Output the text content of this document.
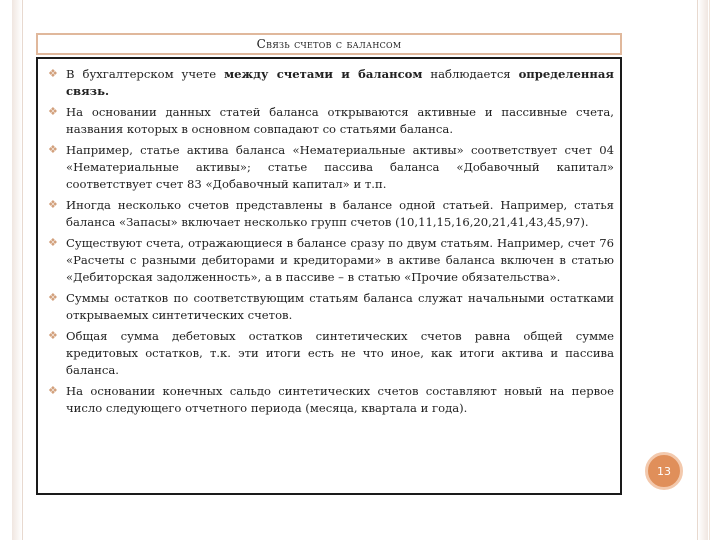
Связь счетов с балансом
❖ В бухгалтерском учете между счетами и балансом наблюдается определенная связь.
❖ На основании данных статей баланса открываются активные и пассивные счета, названия которых в основном совпадают со статьями баланса.
❖ Например, статье актива баланса «Нематериальные активы» соответствует счет 04 «Нематериальные активы»; статье пассива баланса «Добавочный капитал» соответствует счет 83 «Добавочный капитал» и т.п.
❖ Иногда несколько счетов представлены в балансе одной статьей. Например, статья баланса «Запасы» включает несколько групп счетов (10,11,15,16,20,21,41,43,45,97).
❖ Существуют счета, отражающиеся в балансе сразу по двум статьям. Например, счет 76 «Расчеты с разными дебиторами и кредиторами» в активе баланса включен в статью «Дебиторская задолженность», а в пассиве – в статью «Прочие обязательства».
❖ Суммы остатков по соответствующим статьям баланса служат начальными остатками открываемых синтетических счетов.
❖ Общая сумма дебетовых остатков синтетических счетов равна общей сумме кредитовых остатков, т.к. эти итоги есть не что иное, как итоги актива и пассива баланса.
❖ На основании конечных сальдо синтетических счетов составляют новый на первое число следующего отчетного периода (месяца, квартала и года).
13
